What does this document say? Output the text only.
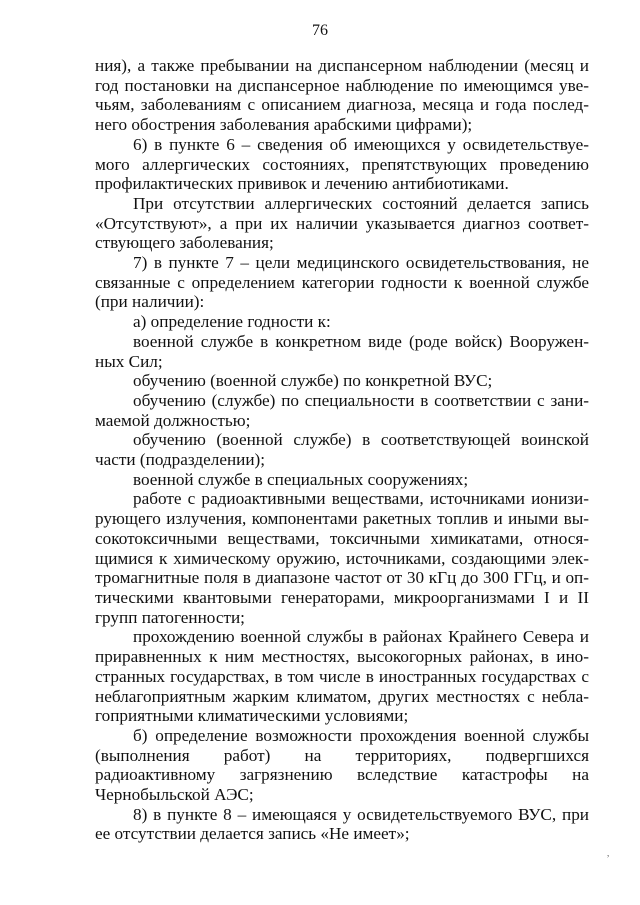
76

ния), а также пребывании на диспансерном наблюдении (месяц и год постановки на диспансерное наблюдение по имеющимся увечьям, заболеваниям с описанием диагноза, месяца и года последнего обострения заболевания арабскими цифрами);

6) в пункте 6 – сведения об имеющихся у освидетельствуемого аллергических состояниях, препятствующих проведению профилактических прививок и лечению антибиотиками.

При отсутствии аллергических состояний делается запись «Отсутствуют», а при их наличии указывается диагноз соответствующего заболевания;

7) в пункте 7 – цели медицинского освидетельствования, не связанные с определением категории годности к военной службе (при наличии):

а) определение годности к:

военной службе в конкретном виде (роде войск) Вооруженных Сил;

обучению (военной службе) по конкретной ВУС;

обучению (службе) по специальности в соответствии с занимаемой должностью;

обучению (военной службе) в соответствующей воинской части (подразделении);

военной службе в специальных сооружениях;

работе с радиоактивными веществами, источниками ионизирующего излучения, компонентами ракетных топлив и иными высокотоксичными веществами, токсичными химикатами, относящимися к химическому оружию, источниками, создающими электромагнитные поля в диапазоне частот от 30 кГц до 300 ГГц, и оптическими квантовыми генераторами, микроорганизмами I и II групп патогенности;

прохождению военной службы в районах Крайнего Севера и приравненных к ним местностях, высокогорных районах, в иностранных государствах, в том числе в иностранных государствах с неблагоприятным жарким климатом, других местностях с неблагоприятными климатическими условиями;

б) определение возможности прохождения военной службы (выполнения работ) на территориях, подвергшихся радиоактивному загрязнению вследствие катастрофы на Чернобыльской АЭС;

8) в пункте 8 – имеющаяся у освидетельствуемого ВУС, при ее отсутствии делается запись «Не имеет»;

,
